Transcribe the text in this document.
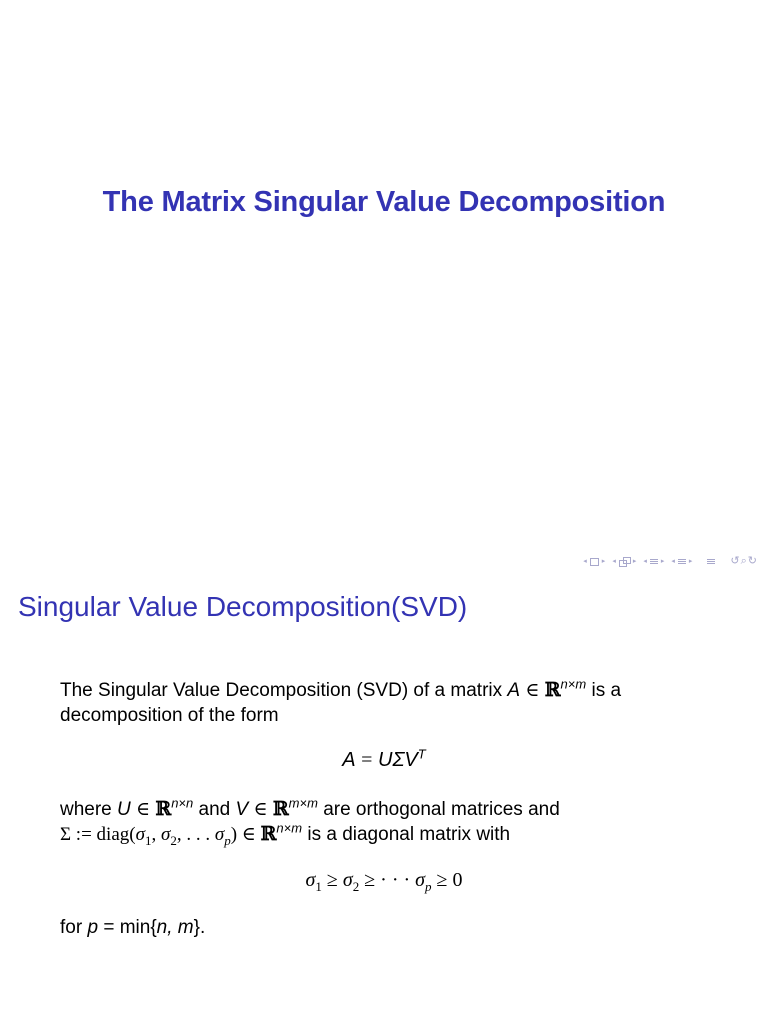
The Matrix Singular Value Decomposition
◂ ▸ ◂ ▸ ◂ ▸ ◂ ▸	↺⌕↻
Singular Value Decomposition(SVD)
The Singular Value Decomposition (SVD) of a matrix A ∈ ℝ$^{n\times m}$ is a
decomposition of the form
$A = U\Sigma V^T$
where U ∈ ℝ$^{n\times n}$ and V ∈ ℝ$^{m\times m}$ are orthogonal matrices and
Σ := $diag(\sigma_1$, $\sigma_2$, . . . $\sigma_p$) ∈ ℝ$^{n\times m}$ is a diagonal matrix with
$\sigma_1 \ge \sigma_2$ ≥ · · · $\sigma_p \ge 0$
for p = min{n, m}.
